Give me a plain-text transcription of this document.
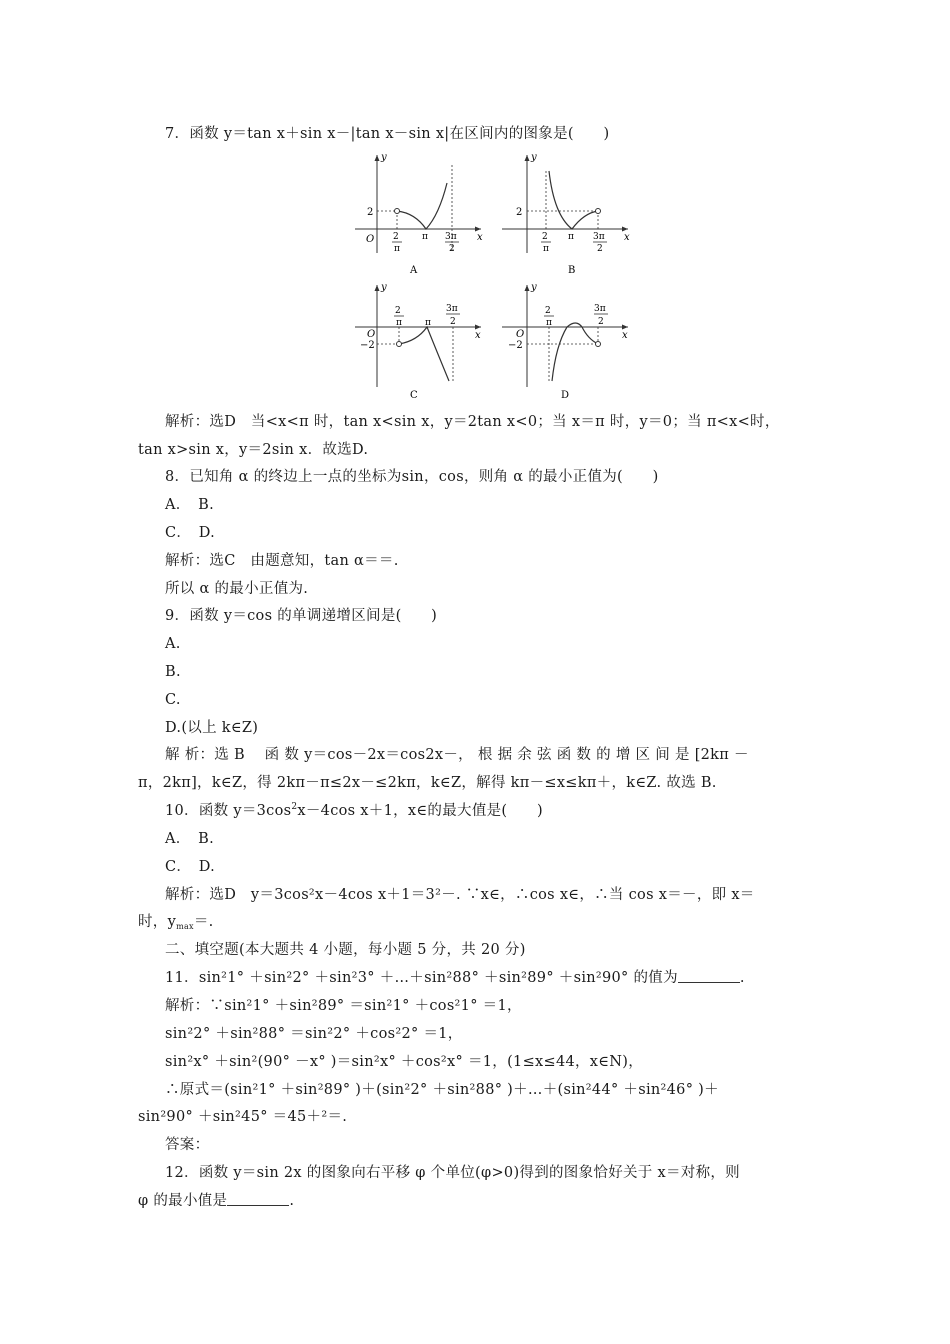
7．函数 y＝tan x＋sin x－|tan x－sin x|在区间内的图象是(　　)
y
x
O
2
2
π
π 3π
2
A
y
x
2
2
π
π 3π
2
B
y
x
O
−2
2
π	π
3π
2
C
y
x
O
−2
2
π
3π
2
D
解析：选D　当<x<π 时，tan x<sin x，y＝2tan x<0；当 x＝π 时，y＝0；当 π<x<时，
tan x>sin x，y＝2sin x．故选D.
8．已知角 α 的终边上一点的坐标为sin，cos，则角 α 的最小正值为(　　)
A．　B.
C．　D.
解析：选C　由题意知，tan α＝＝.
所以 α 的最小正值为.
9．函数 y＝cos 的单调递增区间是(　　)
A.
B.
C.
D.(以上 k∈Z)
解 析：选 B　 函 数 y＝cos－2x＝cos2x－， 根 据 余 弦 函 数 的 增 区 间 是 [2kπ －
π，2kπ]，k∈Z，得 2kπ－π≤2x－≤2kπ，k∈Z，解得 kπ－≤x≤kπ＋，k∈Z. 故选 B.
10．函数 $y=3\cos^2x-4\cos$ x＋1，x∈的最大值是(　　)
A．　B.
C．　D.
解析：选D　y＝3cos²x－4cos x＋1＝3²－. ∵x∈，∴cos x∈，∴当 cos x＝－，即 x＝
时，$y_{max}=$.
二、填空题(本大题共 4 小题，每小题 5 分，共 20 分)
11．sin²1° ＋sin²2° ＋sin²3° ＋…＋sin²88° ＋sin²89° ＋sin²90° 的值为	.
解析：∵sin²1° ＋sin²89° ＝sin²1° ＋cos²1° ＝1，
sin²2° ＋sin²88° ＝sin²2° ＋cos²2° ＝1，
sin²x° ＋sin²(90° －x° )＝sin²x° ＋cos²x° ＝1，(1≤x≤44，x∈N)，
∴原式＝(sin²1° ＋sin²89° )＋(sin²2° ＋sin²88° )＋…＋(sin²44° ＋sin²46° )＋
sin²90° ＋sin²45° ＝45＋²＝.
答案：
12．函数 y＝sin 2x 的图象向右平移 φ 个单位(φ>0)得到的图象恰好关于 x＝对称，则
φ 的最小值是	.
